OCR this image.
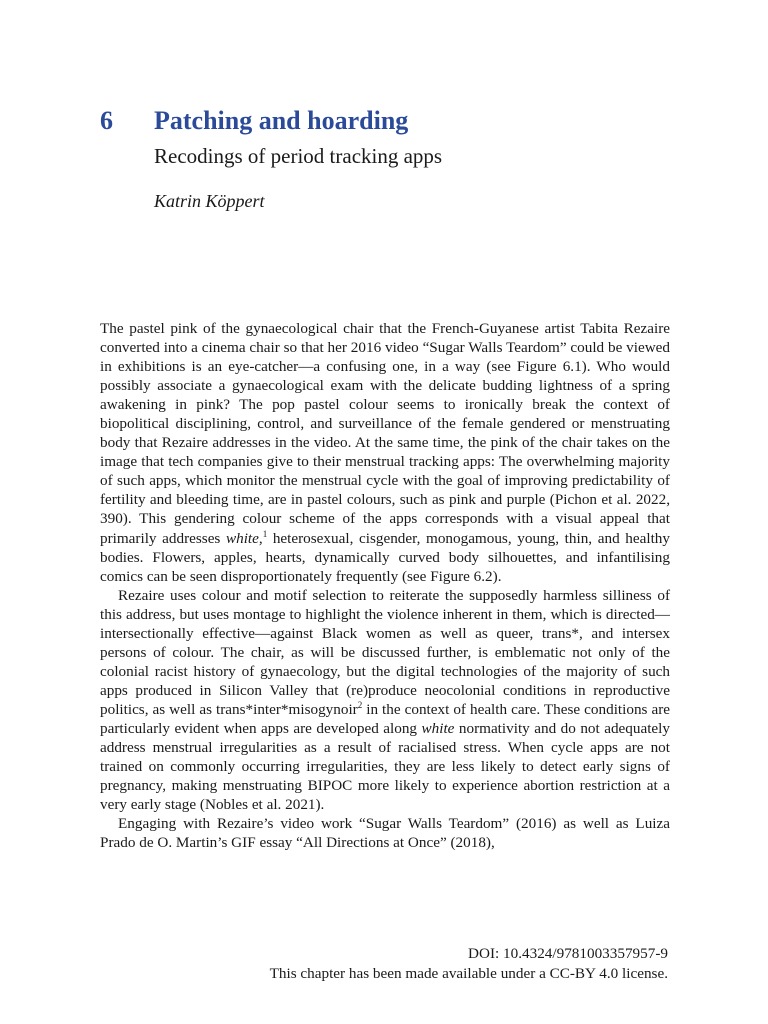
6	Patching and hoarding
Recodings of period tracking apps
Katrin Köppert

The pastel pink of the gynaecological chair that the French-Guyanese artist Tabita Rezaire converted into a cinema chair so that her 2016 video “Sugar Walls Teardom” could be viewed in exhibitions is an eye-catcher—a confusing one, in a way (see Figure 6.1). Who would possibly associate a gynaecological exam with the delicate budding lightness of a spring awakening in pink? The pop pastel colour seems to ironically break the context of biopolitical disciplining, control, and surveillance of the female gendered or menstruating body that Rezaire addresses in the video. At the same time, the pink of the chair takes on the image that tech companies give to their menstrual tracking apps: The overwhelming majority of such apps, which monitor the menstrual cycle with the goal of improving predictability of fertility and bleeding time, are in pastel colours, such as pink and purple (Pichon et al. 2022, 390). This gendering colour scheme of the apps corresponds with a visual appeal that primarily addresses white,$^1$ heterosexual, cisgender, monogamous, young, thin, and healthy bodies. Flowers, apples, hearts, dynamically curved body silhouettes, and infantilising comics can be seen disproportionately frequently (see Figure 6.2).

Rezaire uses colour and motif selection to reiterate the supposedly harmless silliness of this address, but uses montage to highlight the violence inherent in them, which is directed—intersectionally effective—against Black women as well as queer, trans*, and intersex persons of colour. The chair, as will be discussed further, is emblematic not only of the colonial racist history of gynaecology, but the digital technologies of the majority of such apps produced in Silicon Valley that (re)produce neocolonial conditions in reproductive politics, as well as trans*inter*misogynoir$^2$ in the context of health care. These conditions are particularly evident when apps are developed along white normativity and do not adequately address menstrual irregularities as a result of racialised stress. When cycle apps are not trained on commonly occurring irregularities, they are less likely to detect early signs of pregnancy, making menstruating BIPOC more likely to experience abortion restriction at a very early stage (Nobles et al. 2021).

Engaging with Rezaire’s video work “Sugar Walls Teardom” (2016) as well as Luiza Prado de O. Martin’s GIF essay “All Directions at Once” (2018),

DOI: 10.4324/9781003357957-9
This chapter has been made available under a CC-BY 4.0 license.
